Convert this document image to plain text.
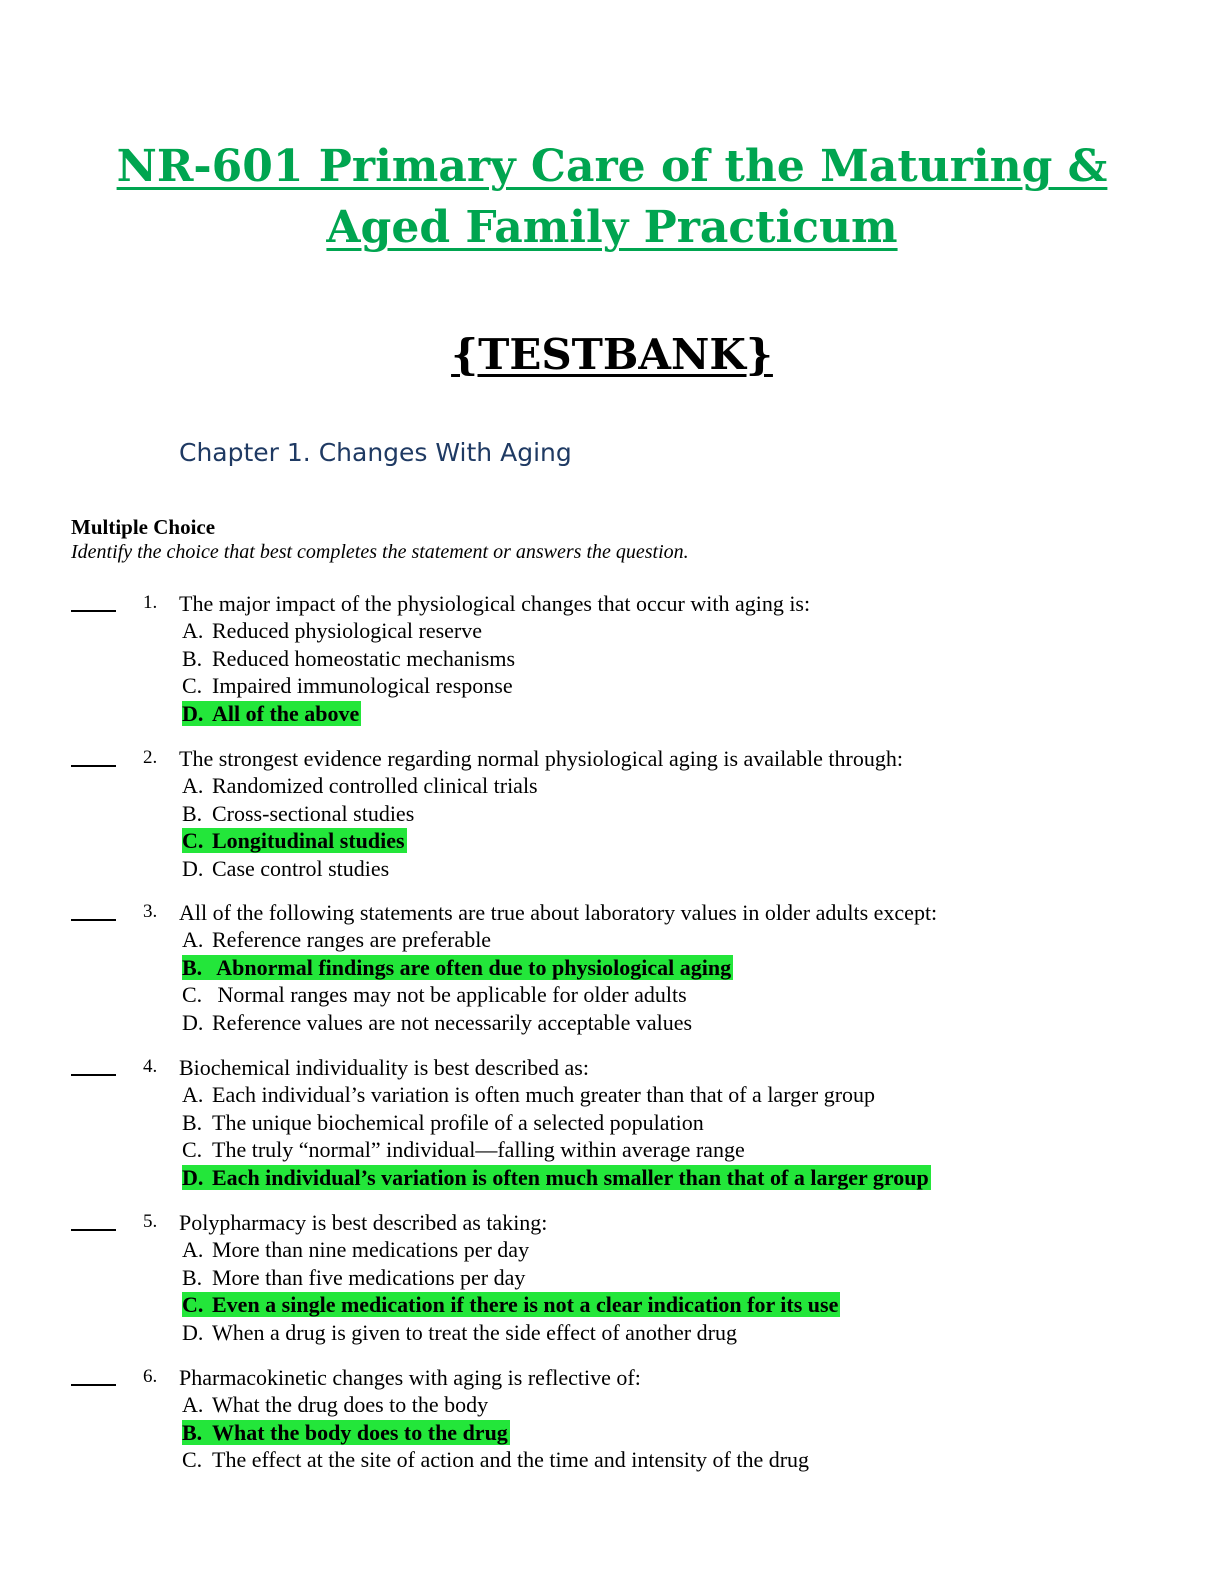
NR-601 Primary Care of the Maturing &
Aged Family Practicum
{TESTBANK}
Chapter 1. Changes With Aging
Multiple Choice
Identify the choice that best completes the statement or answers the question.
1. The major impact of the physiological changes that occur with aging is:
A. Reduced physiological reserve
B. Reduced homeostatic mechanisms
C. Impaired immunological response
D. All of the above
2. The strongest evidence regarding normal physiological aging is available through:
A. Randomized controlled clinical trials
B. Cross-sectional studies
C. Longitudinal studies
D. Case control studies
3. All of the following statements are true about laboratory values in older adults except:
A. Reference ranges are preferable
B. Abnormal findings are often due to physiological aging
C. Normal ranges may not be applicable for older adults
D. Reference values are not necessarily acceptable values
4. Biochemical individuality is best described as:
A. Each individual’s variation is often much greater than that of a larger group
B. The unique biochemical profile of a selected population
C. The truly “normal” individual—falling within average range
D. Each individual’s variation is often much smaller than that of a larger group
5. Polypharmacy is best described as taking:
A. More than nine medications per day
B. More than five medications per day
C. Even a single medication if there is not a clear indication for its use
D. When a drug is given to treat the side effect of another drug
6. Pharmacokinetic changes with aging is reflective of:
A. What the drug does to the body
B. What the body does to the drug
C. The effect at the site of action and the time and intensity of the drug
